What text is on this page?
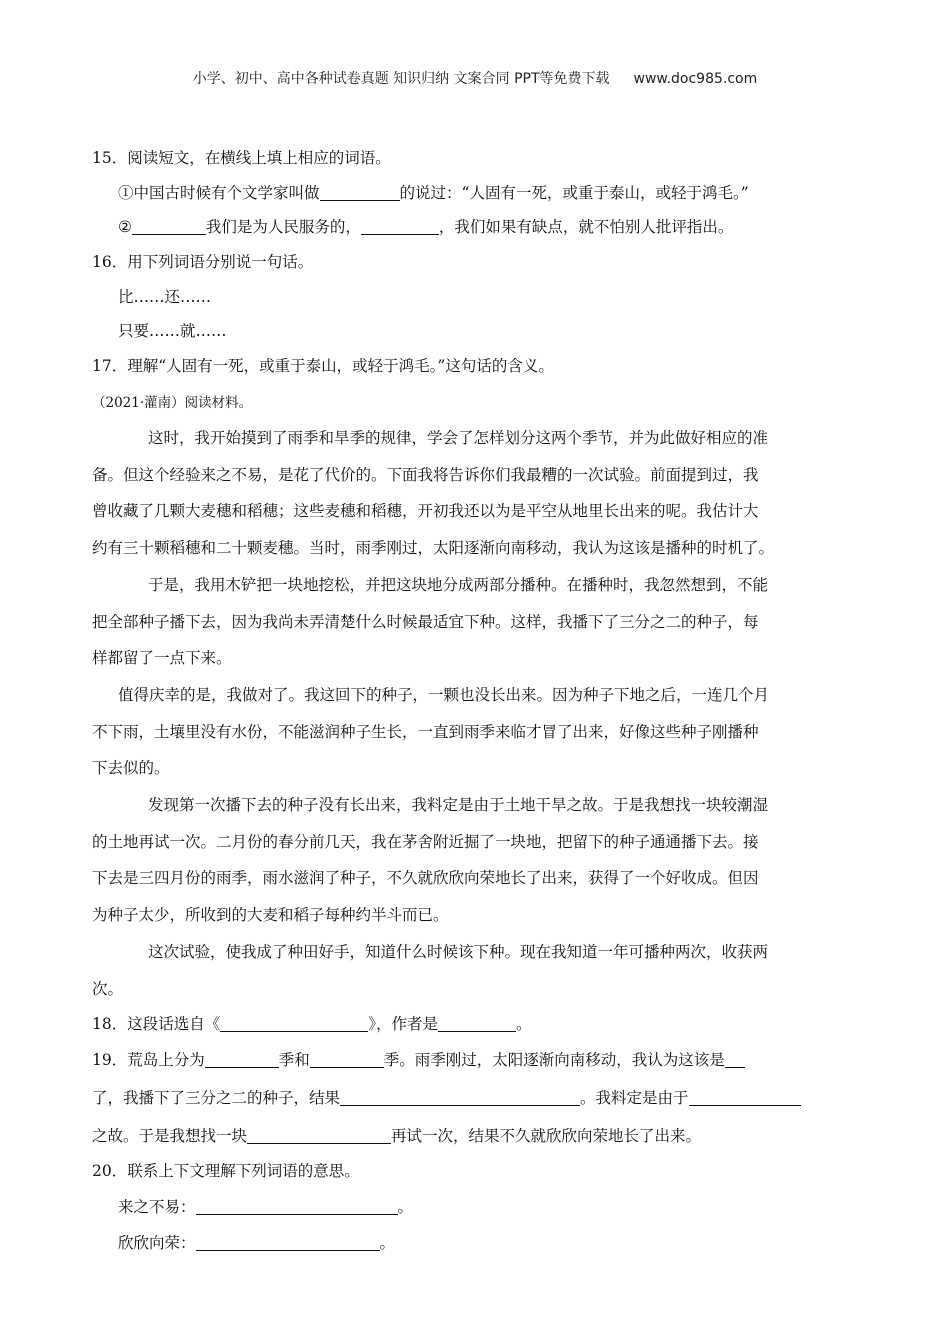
小学、初中、高中各种试卷真题 知识归纳 文案合同 PPT等免费下载 www.doc985.com
15．阅读短文，在横线上填上相应的词语。
①中国古时候有个文学家叫做	的说过：“人固有一死，或重于泰山，或轻于鸿毛。”
②	我们是为人民服务的，	，我们如果有缺点，就不怕别人批评指出。
16．用下列词语分别说一句话。
比……还……
只要……就……
17．理解“人固有一死，或重于泰山，或轻于鸿毛。”这句话的含义。
（2021·灌南）阅读材料。
这时，我开始摸到了雨季和旱季的规律，学会了怎样划分这两个季节，并为此做好相应的准
备。但这个经验来之不易，是花了代价的。下面我将告诉你们我最糟的一次试验。前面提到过，我
曾收藏了几颗大麦穗和稻穗；这些麦穗和稻穗，开初我还以为是平空从地里长出来的呢。我估计大
约有三十颗稻穗和二十颗麦穗。当时，雨季刚过，太阳逐渐向南移动，我认为这该是播种的时机了。
于是，我用木铲把一块地挖松，并把这块地分成两部分播种。在播种时，我忽然想到，不能
把全部种子播下去，因为我尚未弄清楚什么时候最适宜下种。这样，我播下了三分之二的种子，每
样都留了一点下来。
值得庆幸的是，我做对了。我这回下的种子，一颗也没长出来。因为种子下地之后，一连几个月
不下雨，土壤里没有水份，不能滋润种子生长，一直到雨季来临才冒了出来，好像这些种子刚播种
下去似的。
发现第一次播下去的种子没有长出来，我料定是由于土地干旱之故。于是我想找一块较潮湿
的土地再试一次。二月份的春分前几天，我在茅舍附近掘了一块地，把留下的种子通通播下去。接
下去是三四月份的雨季，雨水滋润了种子，不久就欣欣向荣地长了出来，获得了一个好收成。但因
为种子太少，所收到的大麦和稻子每种约半斗而已。
这次试验，使我成了种田好手，知道什么时候该下种。现在我知道一年可播种两次，收获两
次。
18．这段话选自《	》，作者是	。
19．荒岛上分为	季和	季。雨季刚过，太阳逐渐向南移动，我认为这该是
了，我播下了三分之二的种子，结果	。我料定是由于
之故。于是我想找一块	再试一次，结果不久就欣欣向荣地长了出来。
20．联系上下文理解下列词语的意思。
来之不易：	。
欣欣向荣：	。
